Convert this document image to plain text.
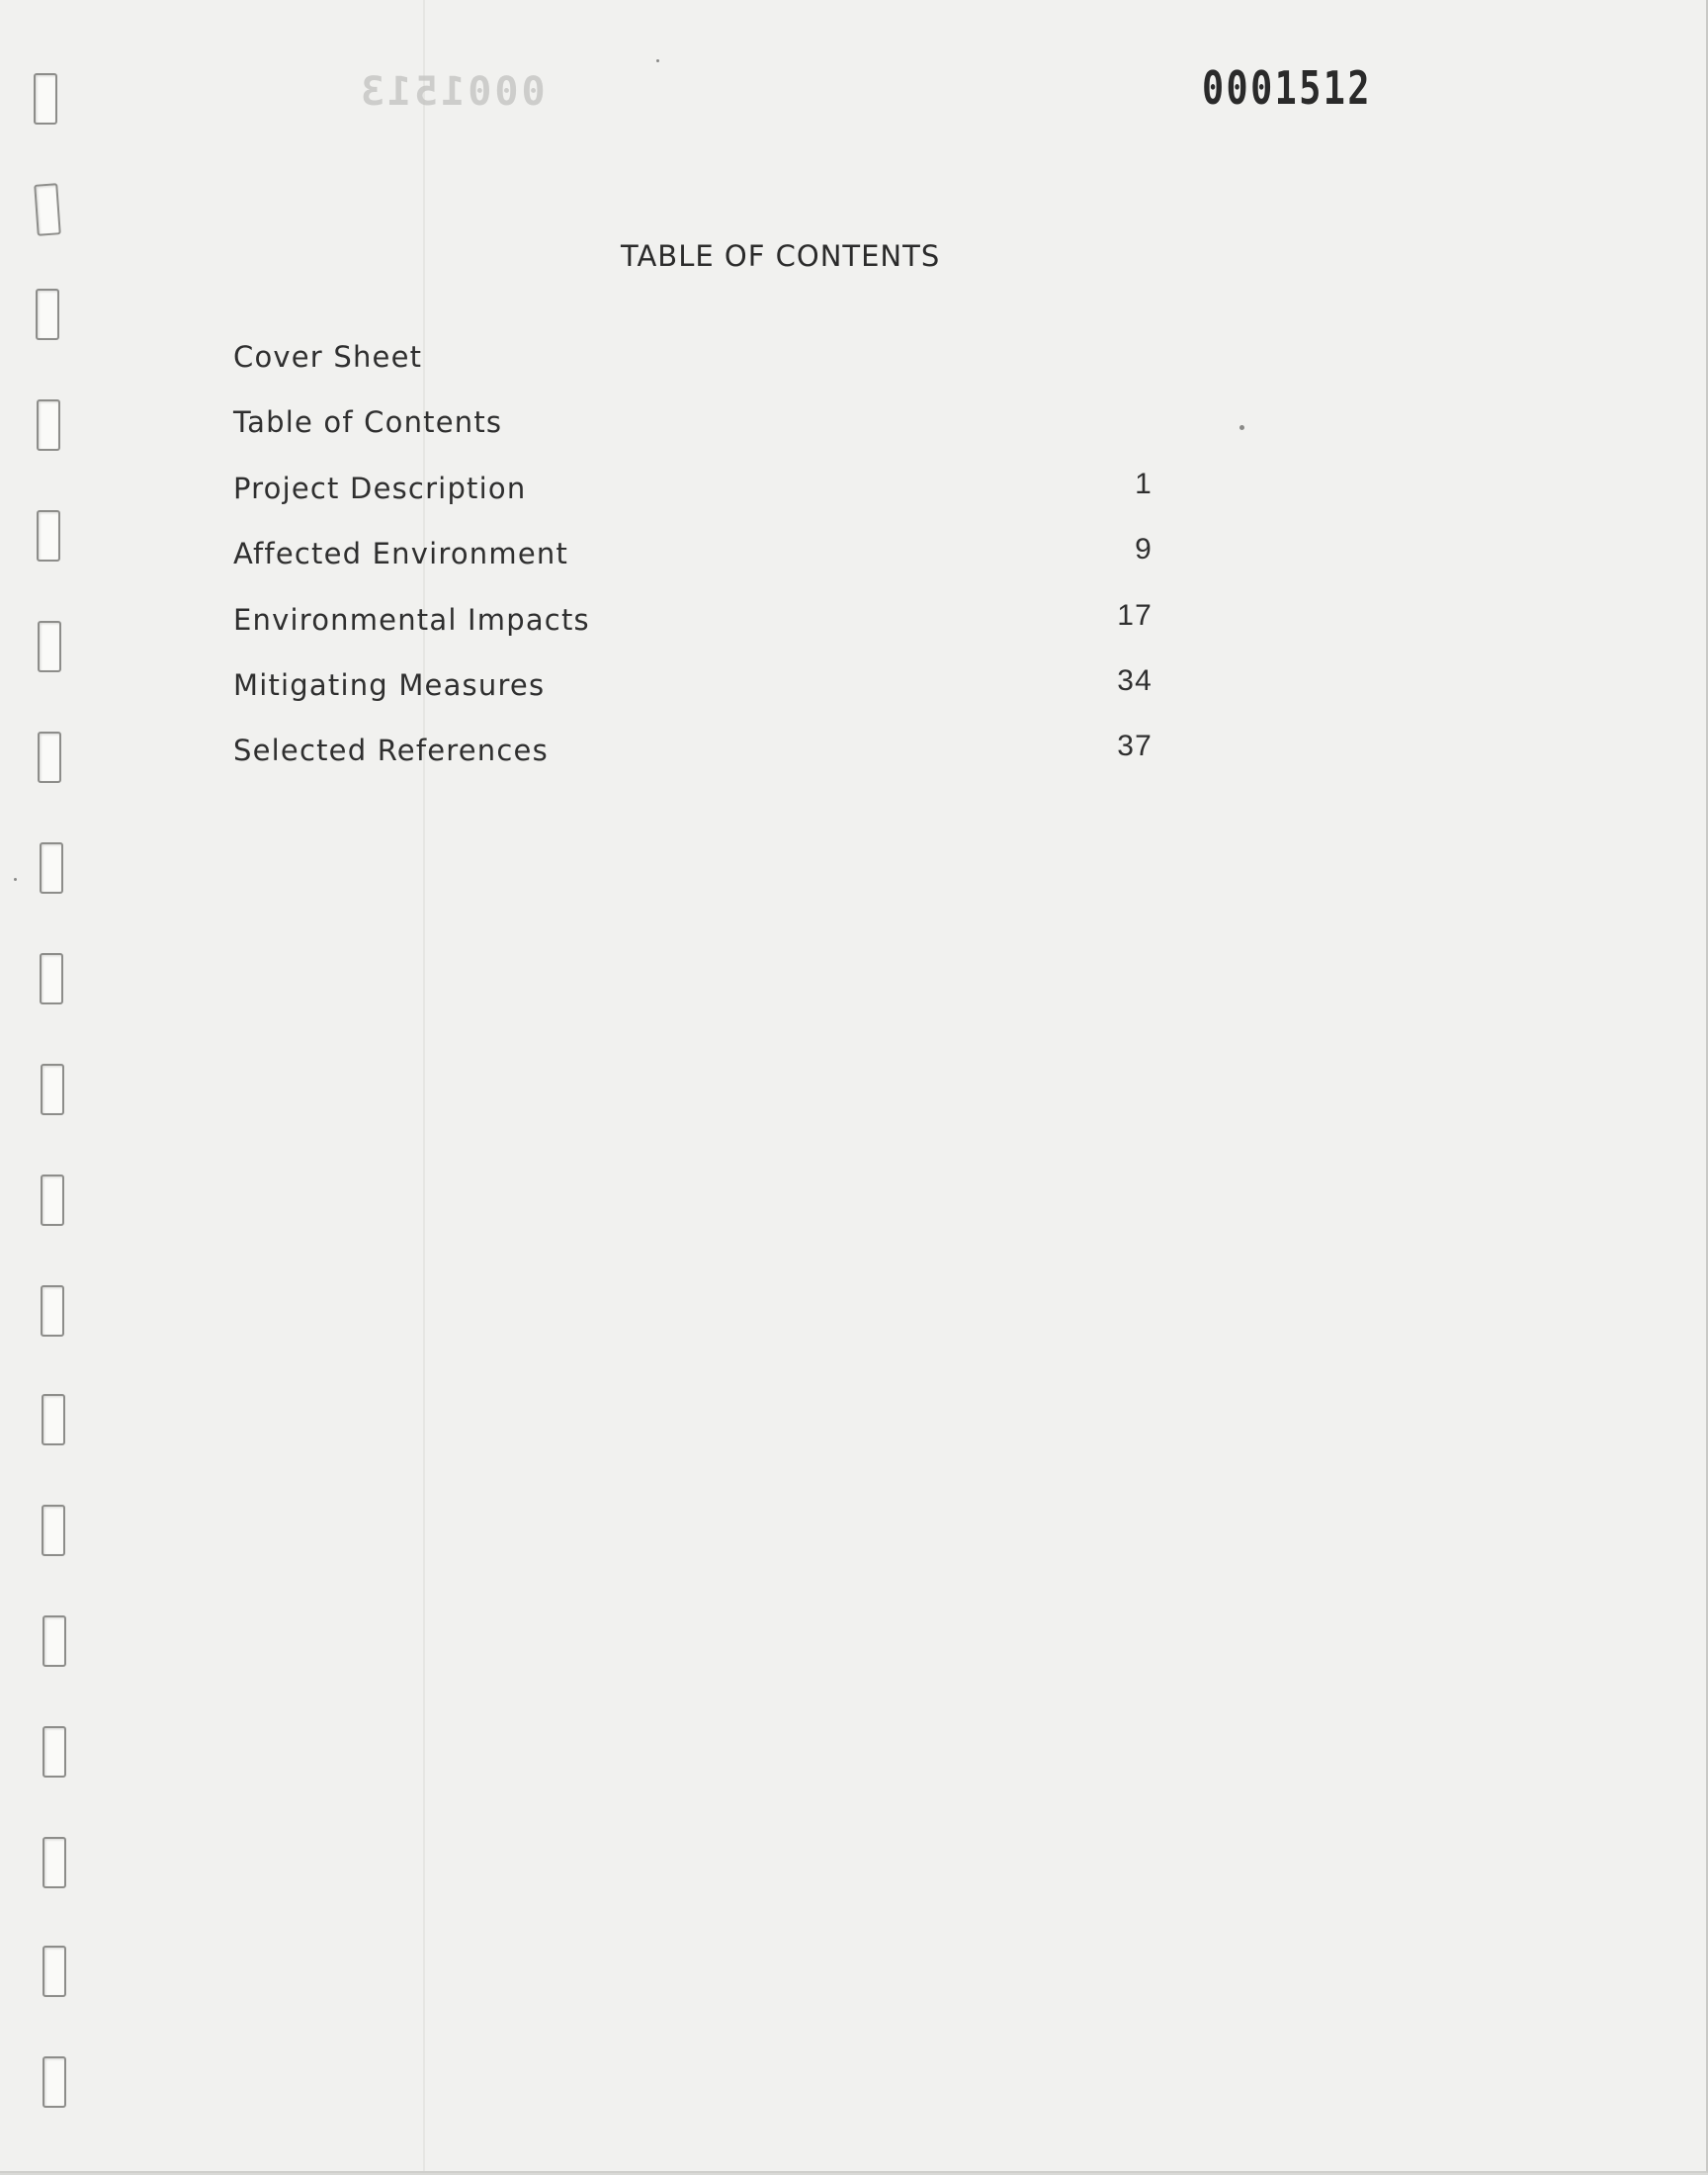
0001513	0001512
TABLE OF CONTENTS
Cover Sheet
Table of Contents
Project Description	1
Affected Environment	9
Environmental Impacts	17
Mitigating Measures	34
Selected References	37
